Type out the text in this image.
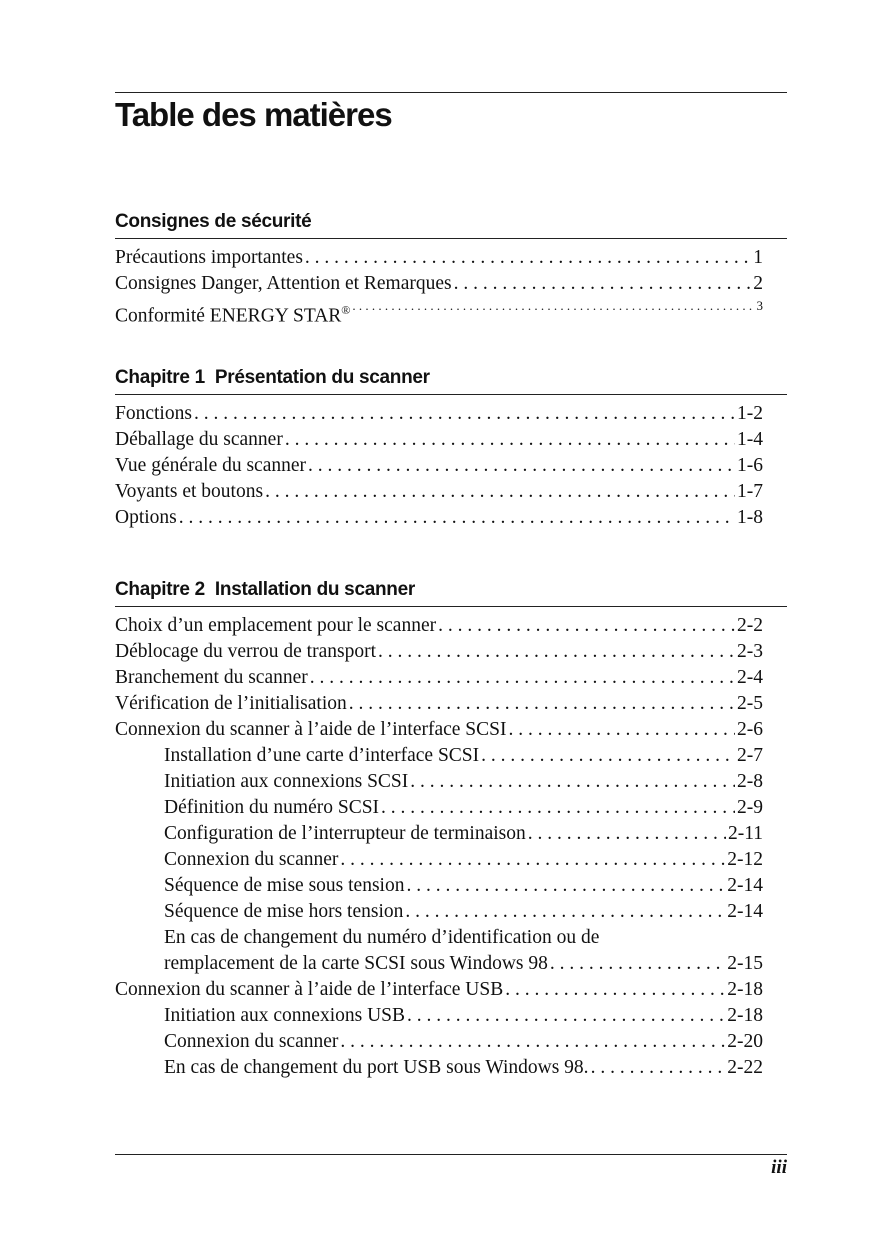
Table des matières
Consignes de sécurité
Précautions importantes . . .	1
Consignes Danger, Attention et Remarques . . .	2
Conformité ENERGY STAR® . . .	3
Chapitre 1 Présentation du scanner
Fonctions . . .	1-2
Déballage du scanner . . .	1-4
Vue générale du scanner . . .	1-6
Voyants et boutons . . .	1-7
Options . . .	1-8
Chapitre 2 Installation du scanner
Choix d’un emplacement pour le scanner . . .	2-2
Déblocage du verrou de transport . . .	2-3
Branchement du scanner . . .	2-4
Vérification de l’initialisation . . .	2-5
Connexion du scanner à l’aide de l’interface SCSI . . .	2-6
Installation d’une carte d’interface SCSI . . .	2-7
Initiation aux connexions SCSI . . .	2-8
Définition du numéro SCSI . . .	2-9
Configuration de l’interrupteur de terminaison . . .	2-11
Connexion du scanner . . .	2-12
Séquence de mise sous tension . . .	2-14
Séquence de mise hors tension . . .	2-14
En cas de changement du numéro d’identification ou de
remplacement de la carte SCSI sous Windows 98 . . .	2-15
Connexion du scanner à l’aide de l’interface USB . . .	2-18
Initiation aux connexions USB . . .	2-18
Connexion du scanner . . .	2-20
En cas de changement du port USB sous Windows 98. . . .	2-22
iii
